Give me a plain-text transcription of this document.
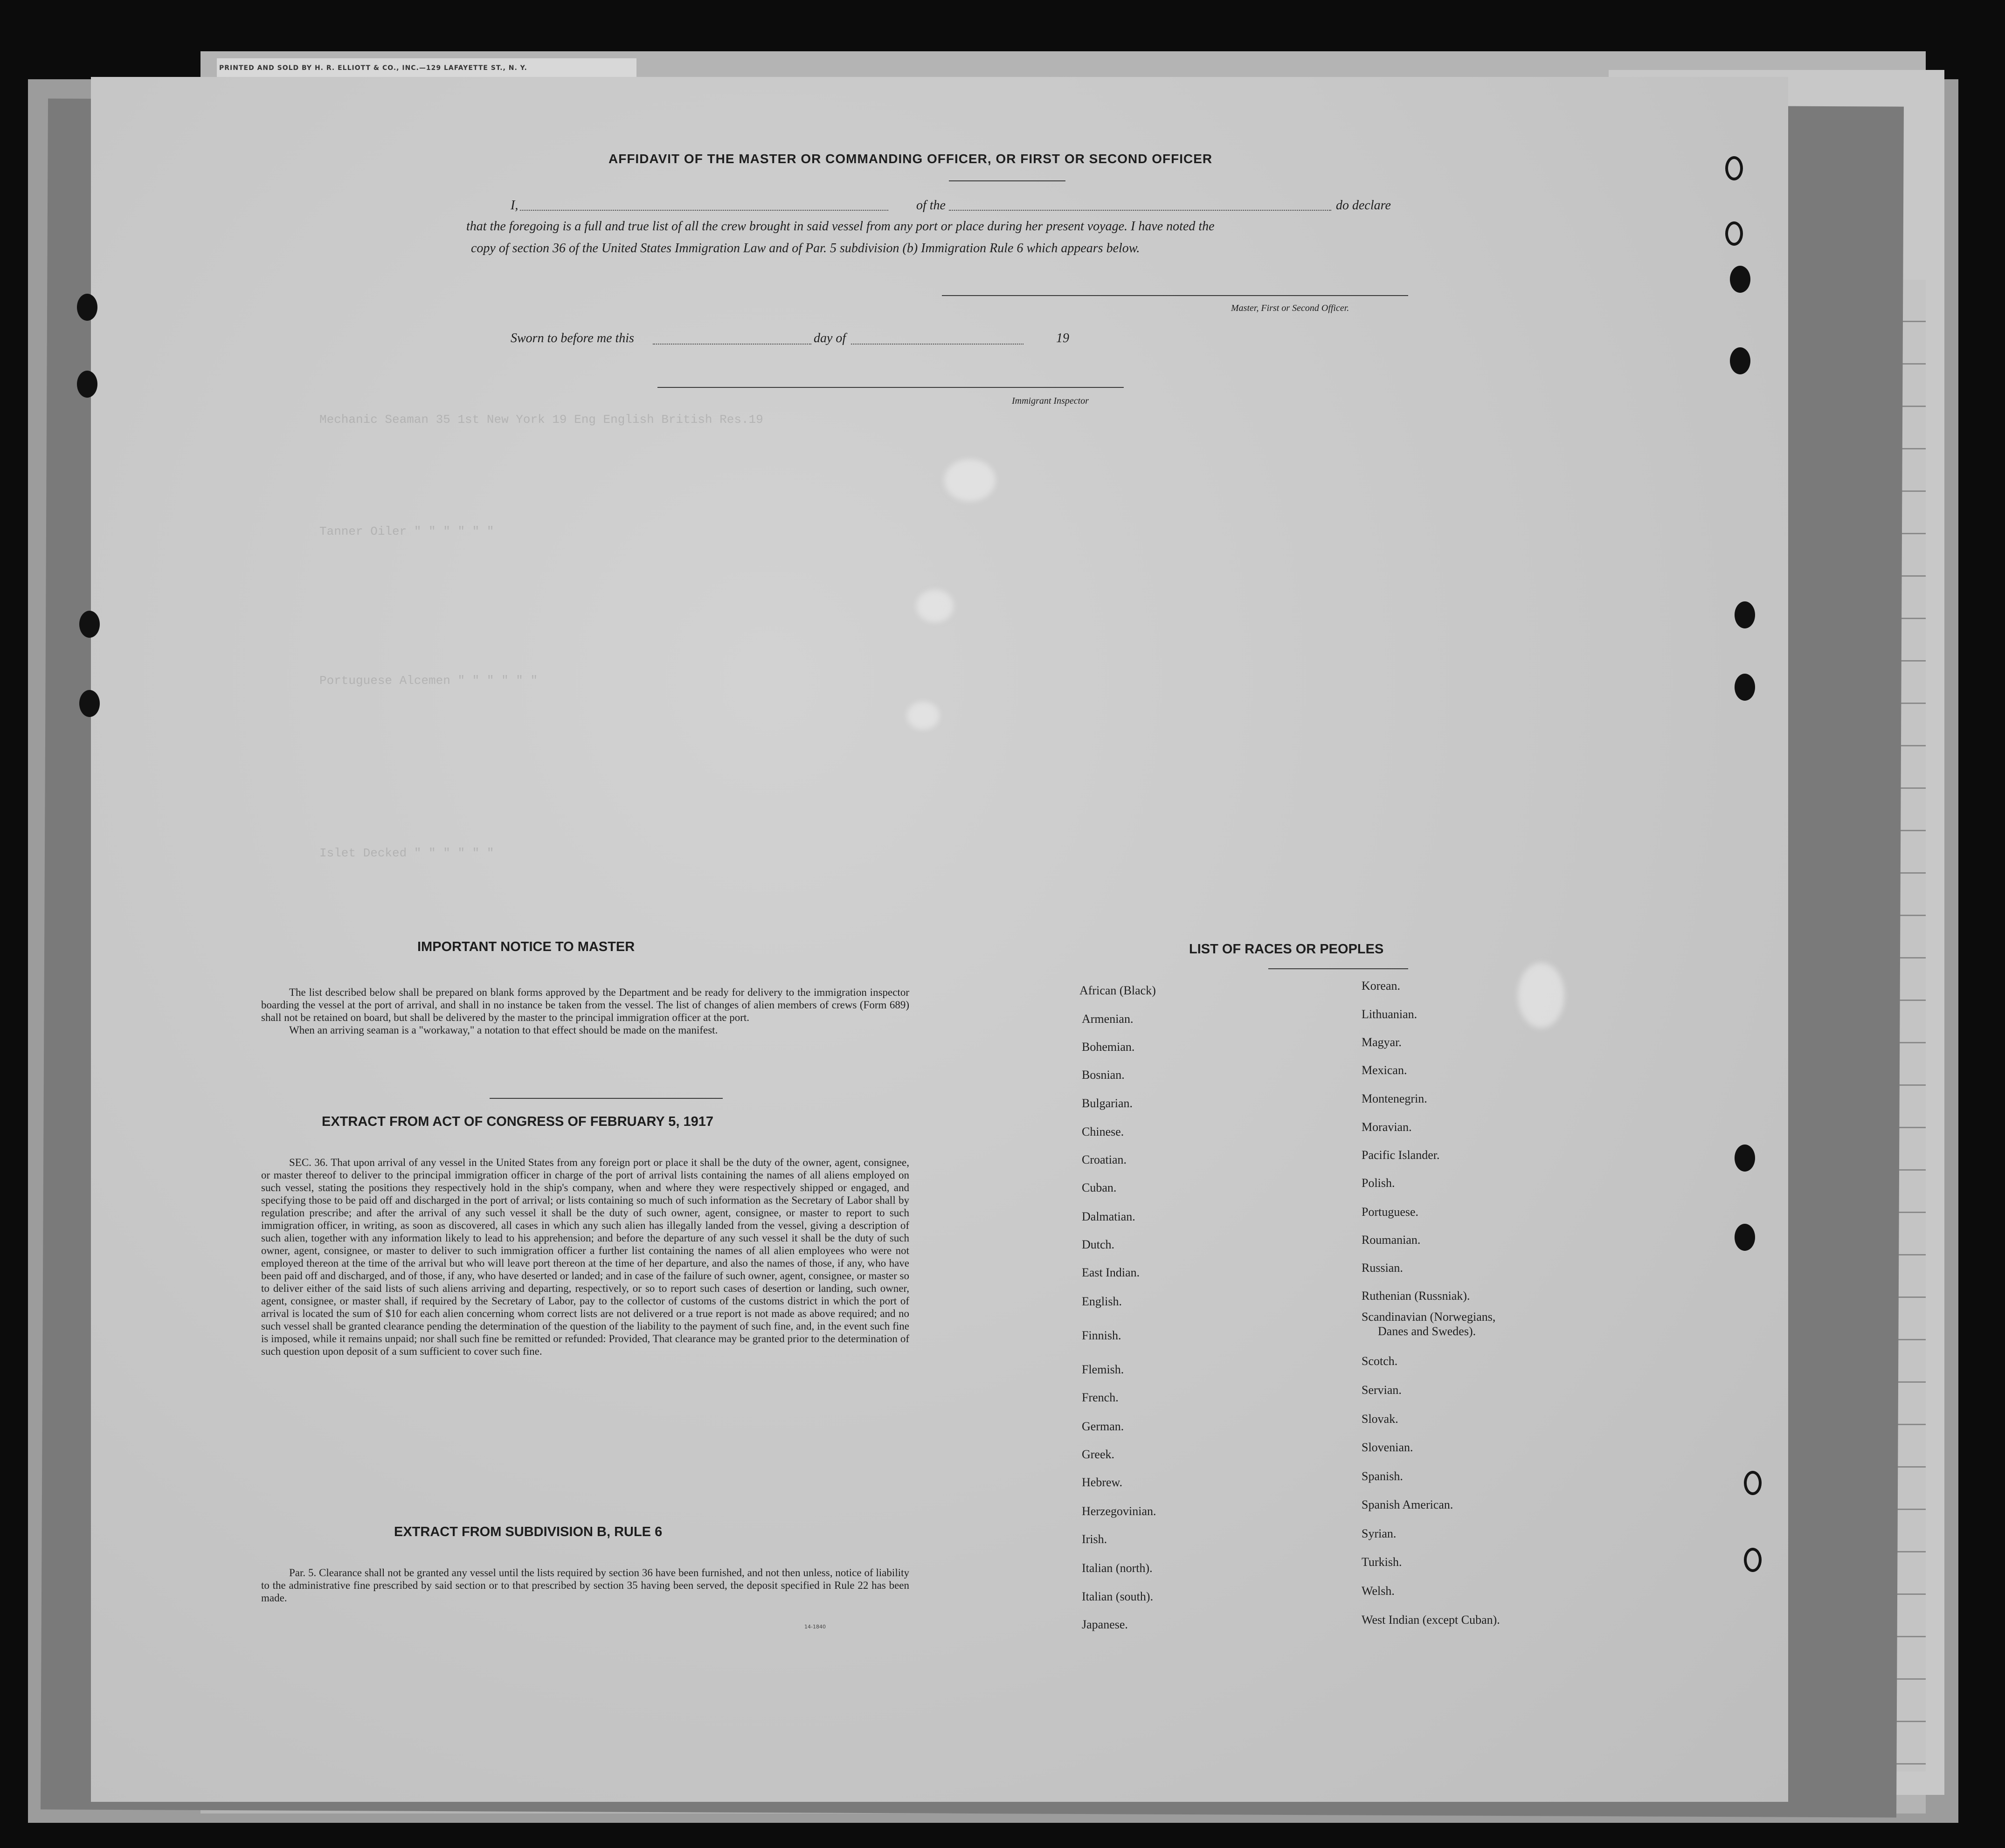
PRINTED AND SOLD BY H. R. ELLIOTT & CO., INC.—129 LAFAYETTE ST., N. Y.
Mechanic Seaman 35 1st New York 19 Eng English British Res.19
Tanner Oiler " " " " " "
Portuguese Alcemen " " " " " "
Islet Decked " " " " " "
AFFIDAVIT OF THE MASTER OR COMMANDING OFFICER, OR FIRST OR SECOND OFFICER
I,	of the	do declare
that the foregoing is a full and true list of all the crew brought in said vessel from any port or place during her present voyage. I have noted the
copy of section 36 of the United States Immigration Law and of Par. 5 subdivision (b) Immigration Rule 6 which appears below.
Master, First or Second Officer.
Sworn to before me this	day of	19
Immigrant Inspector
IMPORTANT NOTICE TO MASTER

The list described below shall be prepared on blank forms approved by the Department and be ready for delivery to the immigration inspector boarding the vessel at the port of arrival, and shall in no instance be taken from the vessel. The list of changes of alien members of crews (Form 689) shall not be retained on board, but shall be delivered by the master to the principal immigration officer at the port.

When an arriving seaman is a "workaway," a notation to that effect should be made on the manifest.

EXTRACT FROM ACT OF CONGRESS OF FEBRUARY 5, 1917

SEC. 36. That upon arrival of any vessel in the United States from any foreign port or place it shall be the duty of the owner, agent, consignee, or master thereof to deliver to the principal immigration officer in charge of the port of arrival lists containing the names of all aliens employed on such vessel, stating the positions they respectively hold in the ship's company, when and where they were respectively shipped or engaged, and specifying those to be paid off and discharged in the port of arrival; or lists containing so much of such information as the Secretary of Labor shall by regulation prescribe; and after the arrival of any such vessel it shall be the duty of such owner, agent, consignee, or master to report to such immigration officer, in writing, as soon as discovered, all cases in which any such alien has illegally landed from the vessel, giving a description of such alien, together with any information likely to lead to his apprehension; and before the departure of any such vessel it shall be the duty of such owner, agent, consignee, or master to deliver to such immigration officer a further list containing the names of all alien employees who were not employed thereon at the time of the arrival but who will leave port thereon at the time of her departure, and also the names of those, if any, who have been paid off and discharged, and of those, if any, who have deserted or landed; and in case of the failure of such owner, agent, consignee, or master so to deliver either of the said lists of such aliens arriving and departing, respectively, or so to report such cases of desertion or landing, such owner, agent, consignee, or master shall, if required by the Secretary of Labor, pay to the collector of customs of the customs district in which the port of arrival is located the sum of $10 for each alien concerning whom correct lists are not delivered or a true report is not made as above required; and no such vessel shall be granted clearance pending the determination of the question of the liability to the payment of such fine, and, in the event such fine is imposed, while it remains unpaid; nor shall such fine be remitted or refunded: Provided, That clearance may be granted prior to the determination of such question upon deposit of a sum sufficient to cover such fine.

EXTRACT FROM SUBDIVISION B, RULE 6

Par. 5. Clearance shall not be granted any vessel until the lists required by section 36 have been furnished, and not then unless, notice of liability to the administrative fine prescribed by said section or to that prescribed by section 35 having been served, the deposit specified in Rule 22 has been made.

14-1840
LIST OF RACES OR PEOPLES
African (Black)
Armenian.
Bohemian.
Bosnian.
Bulgarian.
Chinese.
Croatian.
Cuban.
Dalmatian.
Dutch.
East Indian.
English.
Finnish.
Flemish.
French.
German.
Greek.
Hebrew.
Herzegovinian.
Irish.
Italian (north).
Italian (south).
Japanese.
Korean.
Lithuanian.
Magyar.
Mexican.
Montenegrin.
Moravian.
Pacific Islander.
Polish.
Portuguese.
Roumanian.
Russian.
Ruthenian (Russniak).
Scandinavian (Norwegians,
Danes and Swedes).
Scotch.
Servian.
Slovak.
Slovenian.
Spanish.
Spanish American.
Syrian.
Turkish.
Welsh.
West Indian (except Cuban).
